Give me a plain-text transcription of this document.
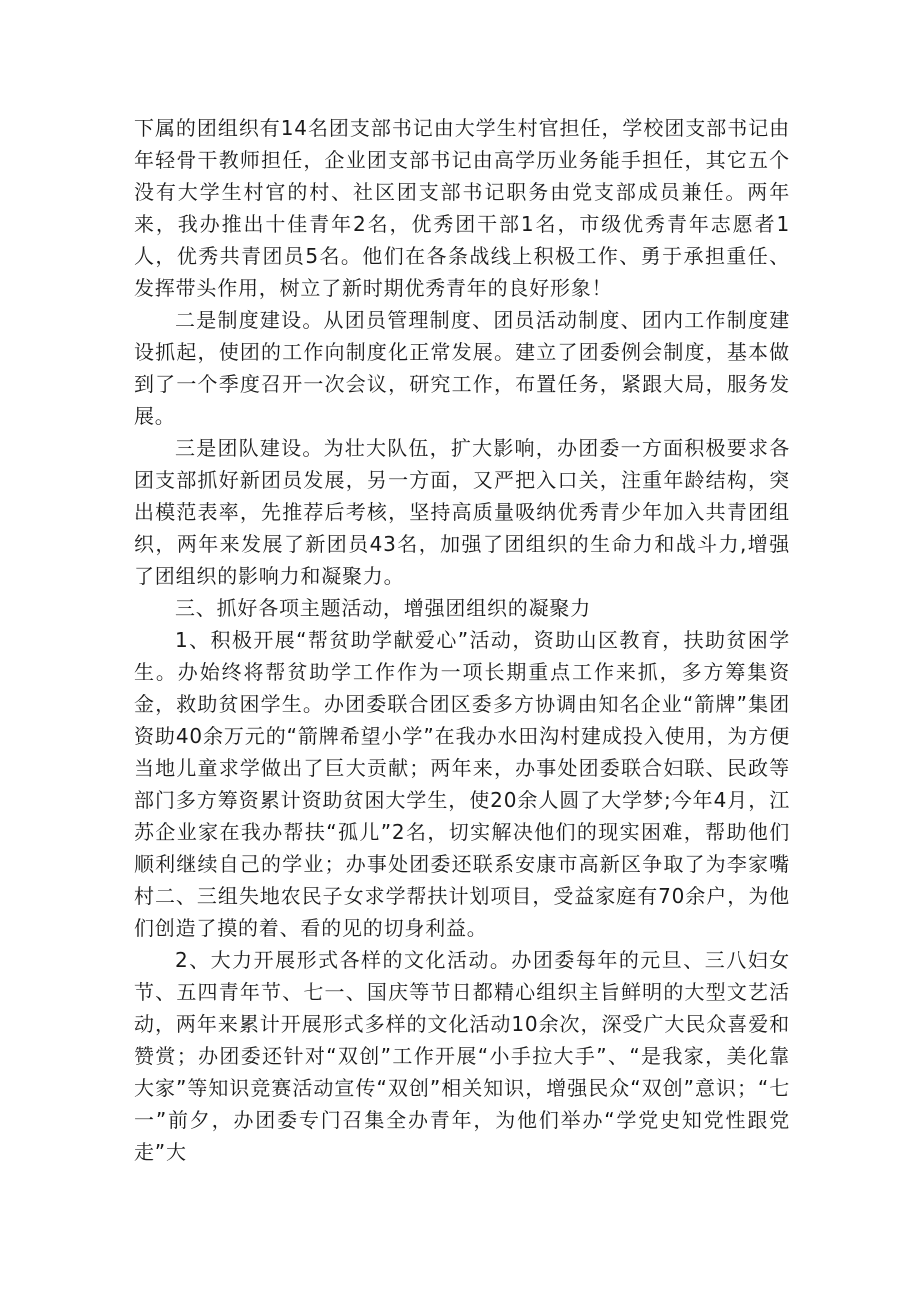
下属的团组织有14名团支部书记由大学生村官担任，学校团支部书记由年轻骨干教师担任，企业团支部书记由高学历业务能手担任，其它五个没有大学生村官的村、社区团支部书记职务由党支部成员兼任。两年来，我办推出十佳青年2名，优秀团干部1名，市级优秀青年志愿者1人，优秀共青团员5名。他们在各条战线上积极工作、勇于承担重任、发挥带头作用，树立了新时期优秀青年的良好形象！

二是制度建设。从团员管理制度、团员活动制度、团内工作制度建设抓起，使团的工作向制度化正常发展。建立了团委例会制度，基本做到了一个季度召开一次会议，研究工作，布置任务，紧跟大局，服务发展。

三是团队建设。为壮大队伍，扩大影响，办团委一方面积极要求各团支部抓好新团员发展，另一方面，又严把入口关，注重年龄结构，突出模范表率，先推荐后考核，坚持高质量吸纳优秀青少年加入共青团组织，两年来发展了新团员43名，加强了团组织的生命力和战斗力,增强了团组织的影响力和凝聚力。

三、抓好各项主题活动，增强团组织的凝聚力

1、积极开展“帮贫助学献爱心”活动，资助山区教育，扶助贫困学生。办始终将帮贫助学工作作为一项长期重点工作来抓，多方筹集资金，救助贫困学生。办团委联合团区委多方协调由知名企业“箭牌”集团资助40余万元的“箭牌希望小学”在我办水田沟村建成投入使用，为方便当地儿童求学做出了巨大贡献；两年来，办事处团委联合妇联、民政等部门多方筹资累计资助贫困大学生，使20余人圆了大学梦;今年4月，江苏企业家在我办帮扶“孤儿”2名，切实解决他们的现实困难，帮助他们顺利继续自己的学业；办事处团委还联系安康市高新区争取了为李家嘴村二、三组失地农民子女求学帮扶计划项目，受益家庭有70余户，为他们创造了摸的着、看的见的切身利益。

2、大力开展形式各样的文化活动。办团委每年的元旦、三八妇女节、五四青年节、七一、国庆等节日都精心组织主旨鲜明的大型文艺活动，两年来累计开展形式多样的文化活动10余次，深受广大民众喜爱和赞赏；办团委还针对“双创”工作开展“小手拉大手”、“是我家，美化靠大家”等知识竞赛活动宣传“双创”相关知识，增强民众“双创”意识；“七一”前夕，办团委专门召集全办青年，为他们举办“学党史知党性跟党走”大
